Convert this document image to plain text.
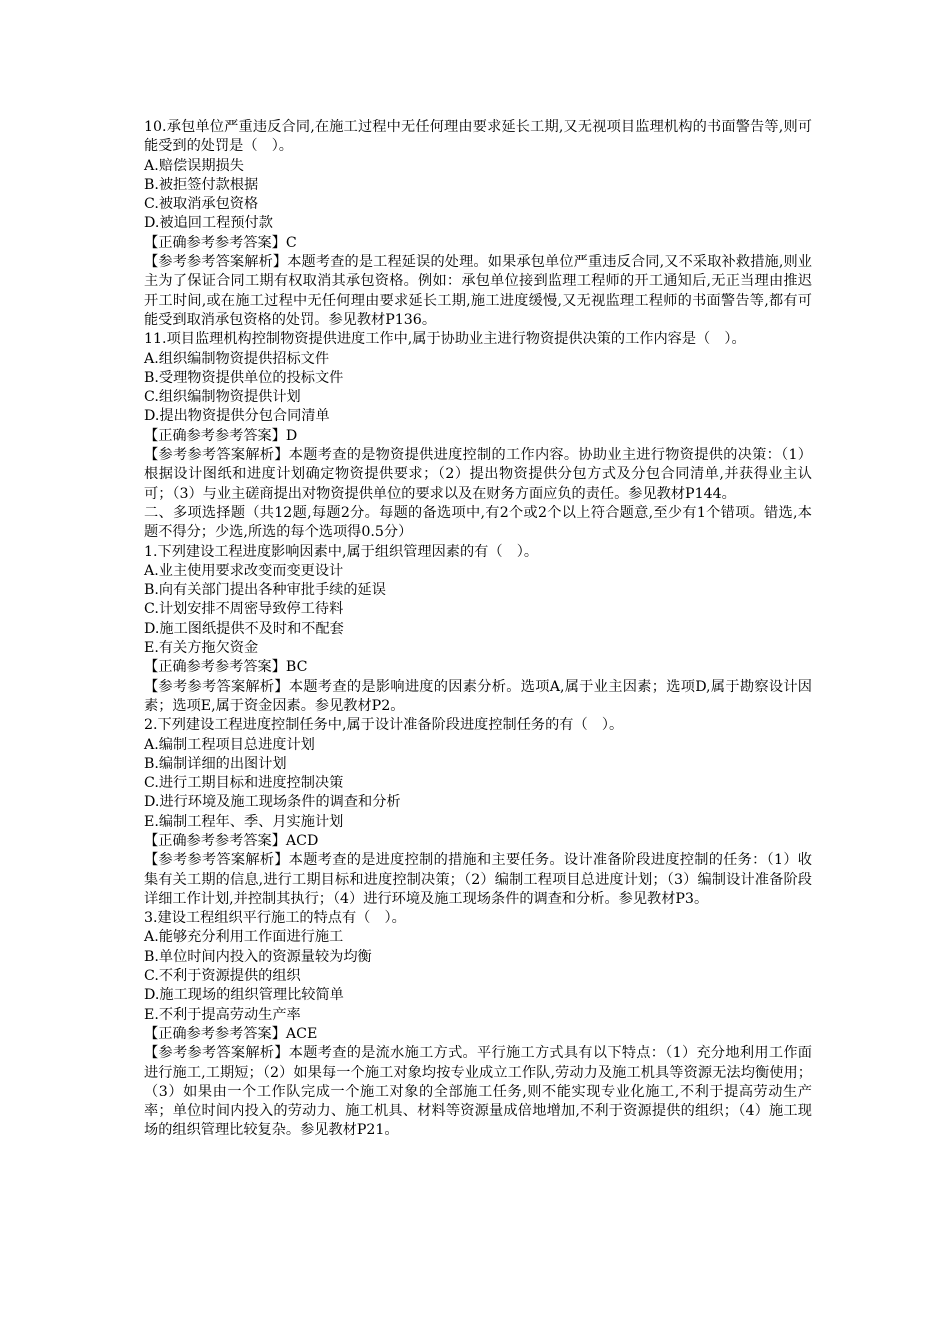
10.承包单位严重违反合同,在施工过程中无任何理由要求延长工期,又无视项目监理机构的书面警告等,则可能受到的处罚是（　）。
A.赔偿误期损失
B.被拒签付款根据
C.被取消承包资格
D.被追回工程预付款
【正确参考参考答案】C
【参考参考答案解析】本题考查的是工程延误的处理。如果承包单位严重违反合同,又不采取补救措施,则业主为了保证合同工期有权取消其承包资格。例如：承包单位接到监理工程师的开工通知后,无正当理由推迟开工时间,或在施工过程中无任何理由要求延长工期,施工进度缓慢,又无视监理工程师的书面警告等,都有可能受到取消承包资格的处罚。参见教材P136。
11.项目监理机构控制物资提供进度工作中,属于协助业主进行物资提供决策的工作内容是（　）。
A.组织编制物资提供招标文件
B.受理物资提供单位的投标文件
C.组织编制物资提供计划
D.提出物资提供分包合同清单
【正确参考参考答案】D
【参考参考答案解析】本题考查的是物资提供进度控制的工作内容。协助业主进行物资提供的决策：（1）根据设计图纸和进度计划确定物资提供要求；（2）提出物资提供分包方式及分包合同清单,并获得业主认可；（3）与业主磋商提出对物资提供单位的要求以及在财务方面应负的责任。参见教材P144。
二、多项选择题（共12题,每题2分。每题的备选项中,有2个或2个以上符合题意,至少有1个错项。错选,本题不得分；少选,所选的每个选项得0.5分）
1.下列建设工程进度影响因素中,属于组织管理因素的有（　）。
A.业主使用要求改变而变更设计
B.向有关部门提出各种审批手续的延误
C.计划安排不周密导致停工待料
D.施工图纸提供不及时和不配套
E.有关方拖欠资金
【正确参考参考答案】BC
【参考参考答案解析】本题考查的是影响进度的因素分析。选项A,属于业主因素；选项D,属于勘察设计因素；选项E,属于资金因素。参见教材P2。
2.下列建设工程进度控制任务中,属于设计准备阶段进度控制任务的有（　）。
A.编制工程项目总进度计划
B.编制详细的出图计划
C.进行工期目标和进度控制决策
D.进行环境及施工现场条件的调查和分析
E.编制工程年、季、月实施计划
【正确参考参考答案】ACD
【参考参考答案解析】本题考查的是进度控制的措施和主要任务。设计准备阶段进度控制的任务：（1）收集有关工期的信息,进行工期目标和进度控制决策；（2）编制工程项目总进度计划；（3）编制设计准备阶段详细工作计划,并控制其执行；（4）进行环境及施工现场条件的调查和分析。参见教材P3。
3.建设工程组织平行施工的特点有（　）。
A.能够充分利用工作面进行施工
B.单位时间内投入的资源量较为均衡
C.不利于资源提供的组织
D.施工现场的组织管理比较简单
E.不利于提高劳动生产率
【正确参考参考答案】ACE
【参考参考答案解析】本题考查的是流水施工方式。平行施工方式具有以下特点：（1）充分地利用工作面进行施工,工期短；（2）如果每一个施工对象均按专业成立工作队,劳动力及施工机具等资源无法均衡使用；（3）如果由一个工作队完成一个施工对象的全部施工任务,则不能实现专业化施工,不利于提高劳动生产率；单位时间内投入的劳动力、施工机具、材料等资源量成倍地增加,不利于资源提供的组织；（4）施工现场的组织管理比较复杂。参见教材P21。
